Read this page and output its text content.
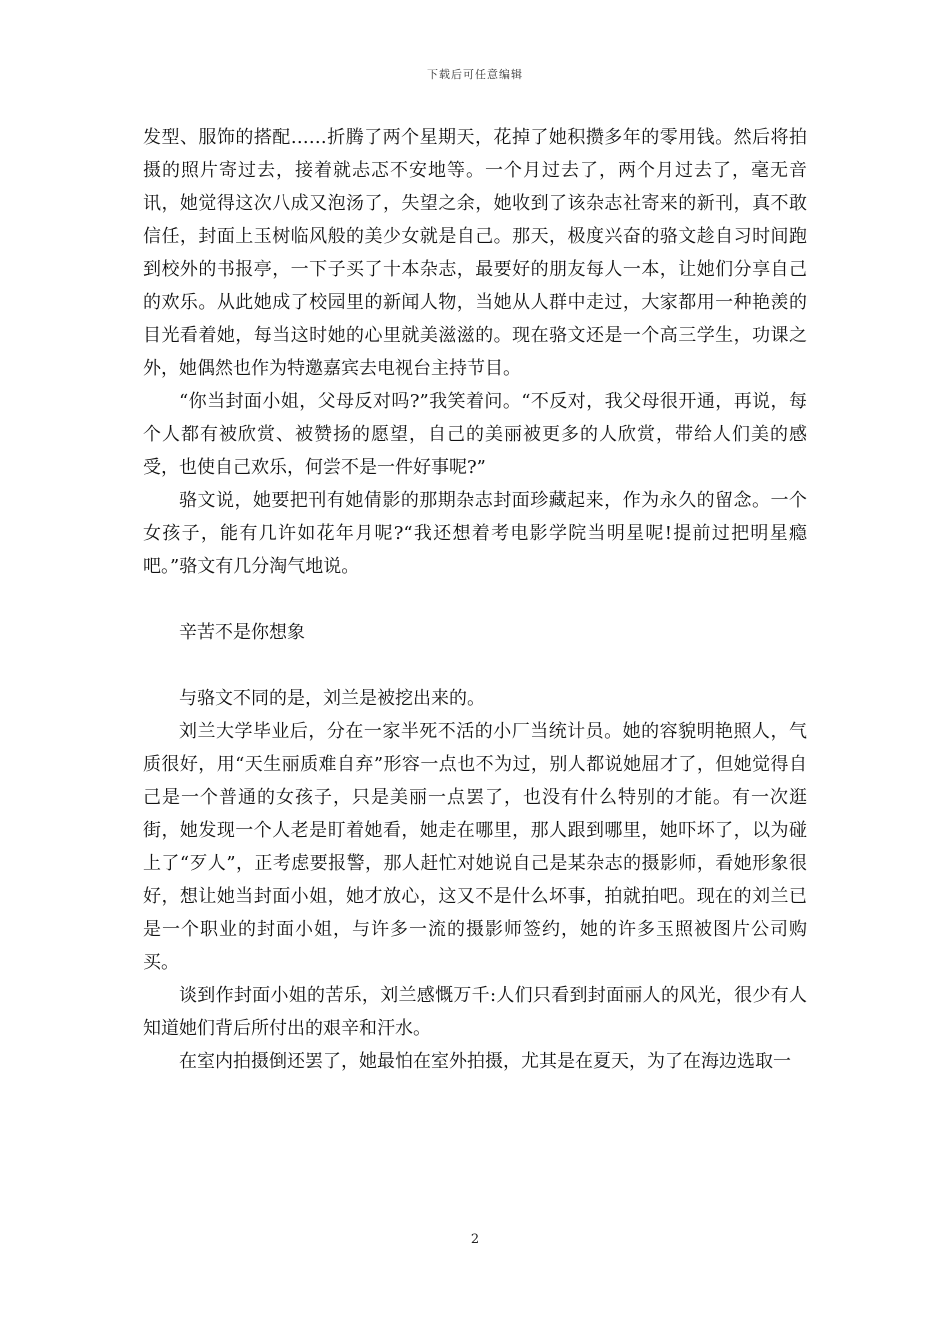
下载后可任意编辑

发型、服饰的搭配……折腾了两个星期天，花掉了她积攒多年的零用钱。然后将拍摄的照片寄过去，接着就忐忑不安地等。一个月过去了，两个月过去了，毫无音讯，她觉得这次八成又泡汤了，失望之余，她收到了该杂志社寄来的新刊，真不敢信任，封面上玉树临风般的美少女就是自己。那天，极度兴奋的骆文趁自习时间跑到校外的书报亭，一下子买了十本杂志，最要好的朋友每人一本，让她们分享自己的欢乐。从此她成了校园里的新闻人物，当她从人群中走过，大家都用一种艳羡的目光看着她，每当这时她的心里就美滋滋的。现在骆文还是一个高三学生，功课之外，她偶然也作为特邀嘉宾去电视台主持节目。

“你当封面小姐，父母反对吗?”我笑着问。“不反对，我父母很开通，再说，每个人都有被欣赏、被赞扬的愿望，自己的美丽被更多的人欣赏，带给人们美的感受，也使自己欢乐，何尝不是一件好事呢?”

骆文说，她要把刊有她倩影的那期杂志封面珍藏起来，作为永久的留念。一个女孩子，能有几许如花年月呢?“我还想着考电影学院当明星呢!提前过把明星瘾吧。”骆文有几分淘气地说。

辛苦不是你想象

与骆文不同的是，刘兰是被挖出来的。

刘兰大学毕业后，分在一家半死不活的小厂当统计员。她的容貌明艳照人，气质很好，用“天生丽质难自弃”形容一点也不为过，别人都说她屈才了，但她觉得自己是一个普通的女孩子，只是美丽一点罢了，也没有什么特别的才能。有一次逛街，她发现一个人老是盯着她看，她走在哪里，那人跟到哪里，她吓坏了，以为碰上了“歹人”，正考虑要报警，那人赶忙对她说自己是某杂志的摄影师，看她形象很好，想让她当封面小姐，她才放心，这又不是什么坏事，拍就拍吧。现在的刘兰已是一个职业的封面小姐，与许多一流的摄影师签约，她的许多玉照被图片公司购买。

谈到作封面小姐的苦乐，刘兰感慨万千:人们只看到封面丽人的风光，很少有人知道她们背后所付出的艰辛和汗水。

在室内拍摄倒还罢了，她最怕在室外拍摄，尤其是在夏天，为了在海边选取一

2
